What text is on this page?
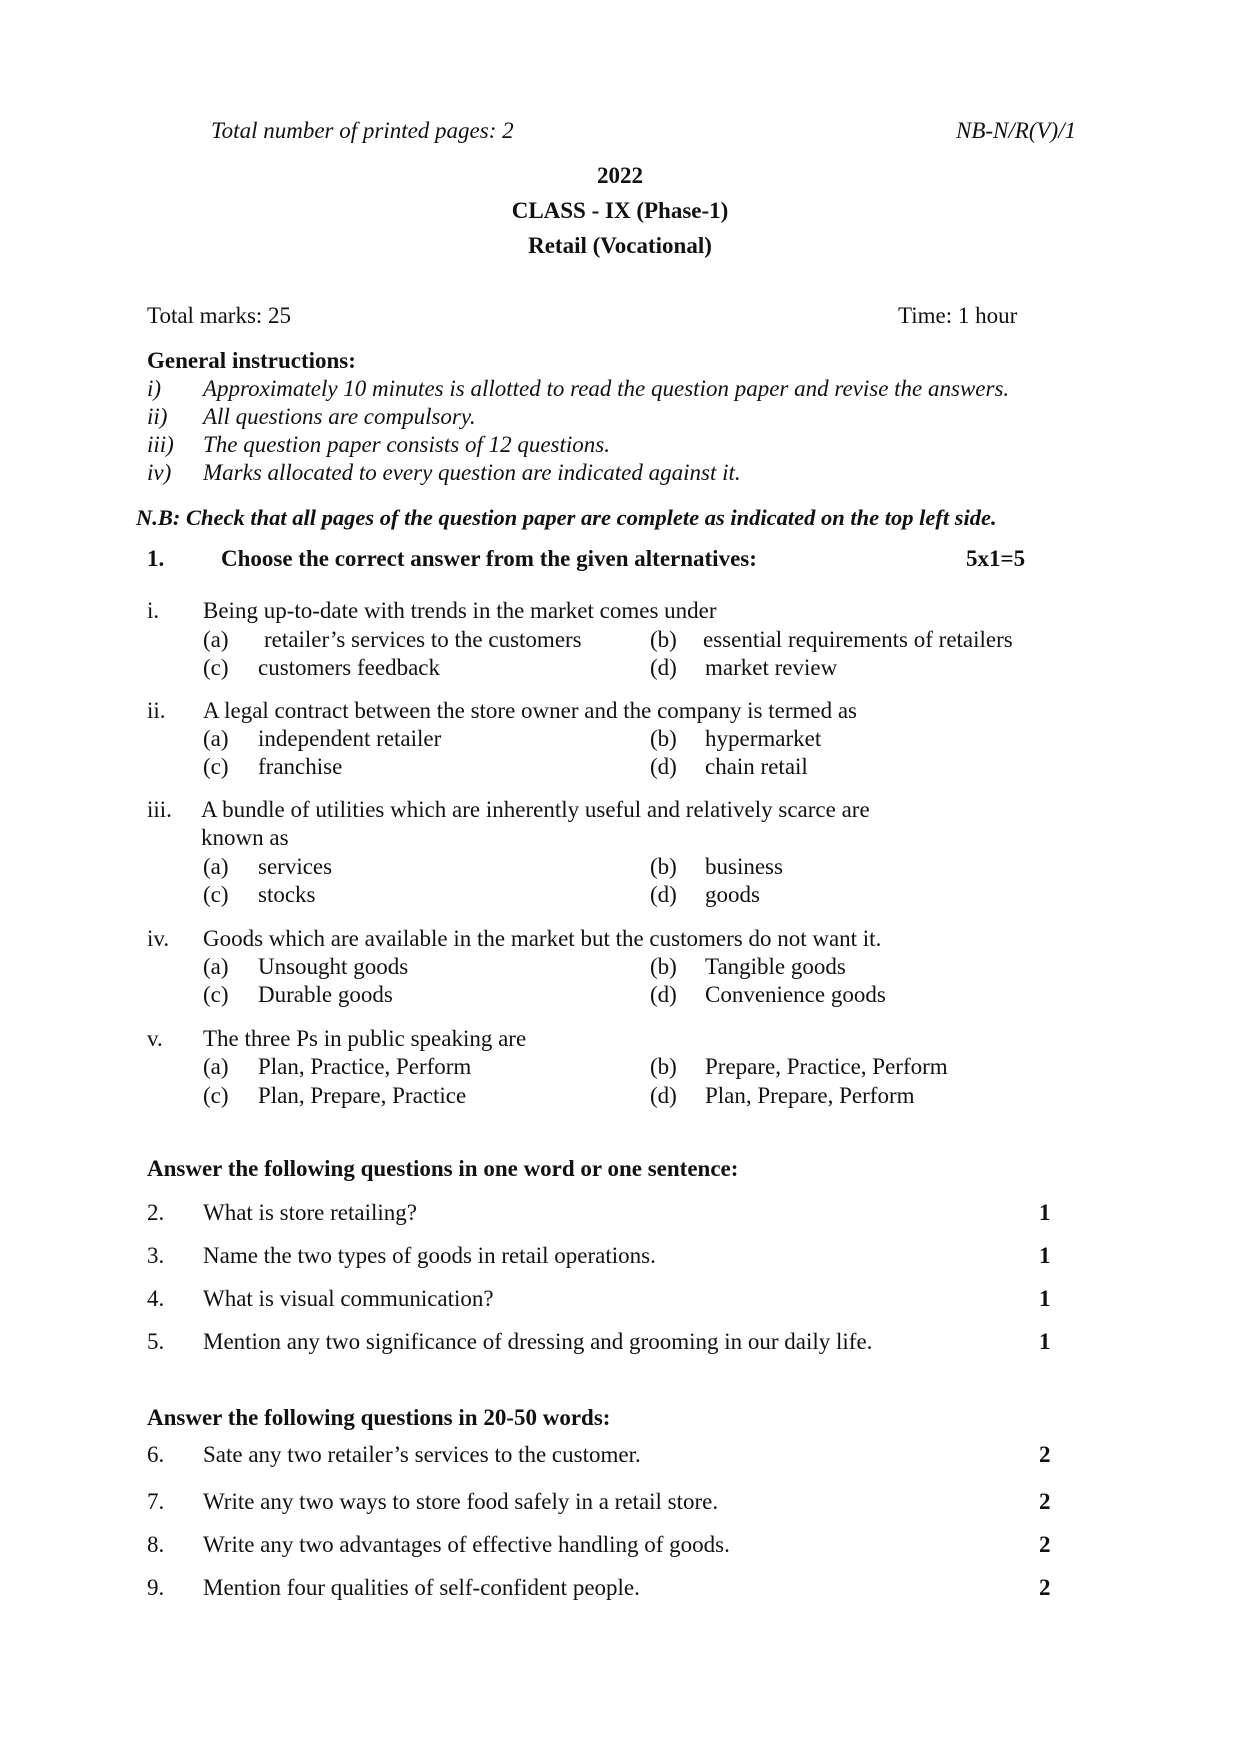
Total number of printed pages: 2	NB-N/R(V)/1
2022
CLASS - IX (Phase-1)
Retail (Vocational)
Total marks: 25	Time: 1 hour
General instructions:
i) Approximately 10 minutes is allotted to read the question paper and revise the answers.
ii) All questions are compulsory.
iii) The question paper consists of 12 questions.
iv) Marks allocated to every question are indicated against it.
N.B: Check that all pages of the question paper are complete as indicated on the top left side.
1. Choose the correct answer from the given alternatives:	5x1=5
i. Being up-to-date with trends in the market comes under
(a) retailer’s services to the customers	(b) essential requirements of retailers
(c) customers feedback	(d) market review
ii. A legal contract between the store owner and the company is termed as
(a) independent retailer	(b) hypermarket
(c) franchise	(d) chain retail
iii. A bundle of utilities which are inherently useful and relatively scarce are
known as
(a) services	(b) business
(c) stocks	(d) goods
iv. Goods which are available in the market but the customers do not want it.
(a) Unsought goods	(b) Tangible goods
(c) Durable goods	(d) Convenience goods
v. The three Ps in public speaking are
(a) Plan, Practice, Perform	(b) Prepare, Practice, Perform
(c) Plan, Prepare, Practice	(d) Plan, Prepare, Perform
Answer the following questions in one word or one sentence:
2. What is store retailing?	1
3. Name the two types of goods in retail operations.	1
4. What is visual communication?	1
5. Mention any two significance of dressing and grooming in our daily life.	1
Answer the following questions in 20-50 words:
6. Sate any two retailer’s services to the customer.	2
7. Write any two ways to store food safely in a retail store.	2
8. Write any two advantages of effective handling of goods.	2
9. Mention four qualities of self-confident people.	2
